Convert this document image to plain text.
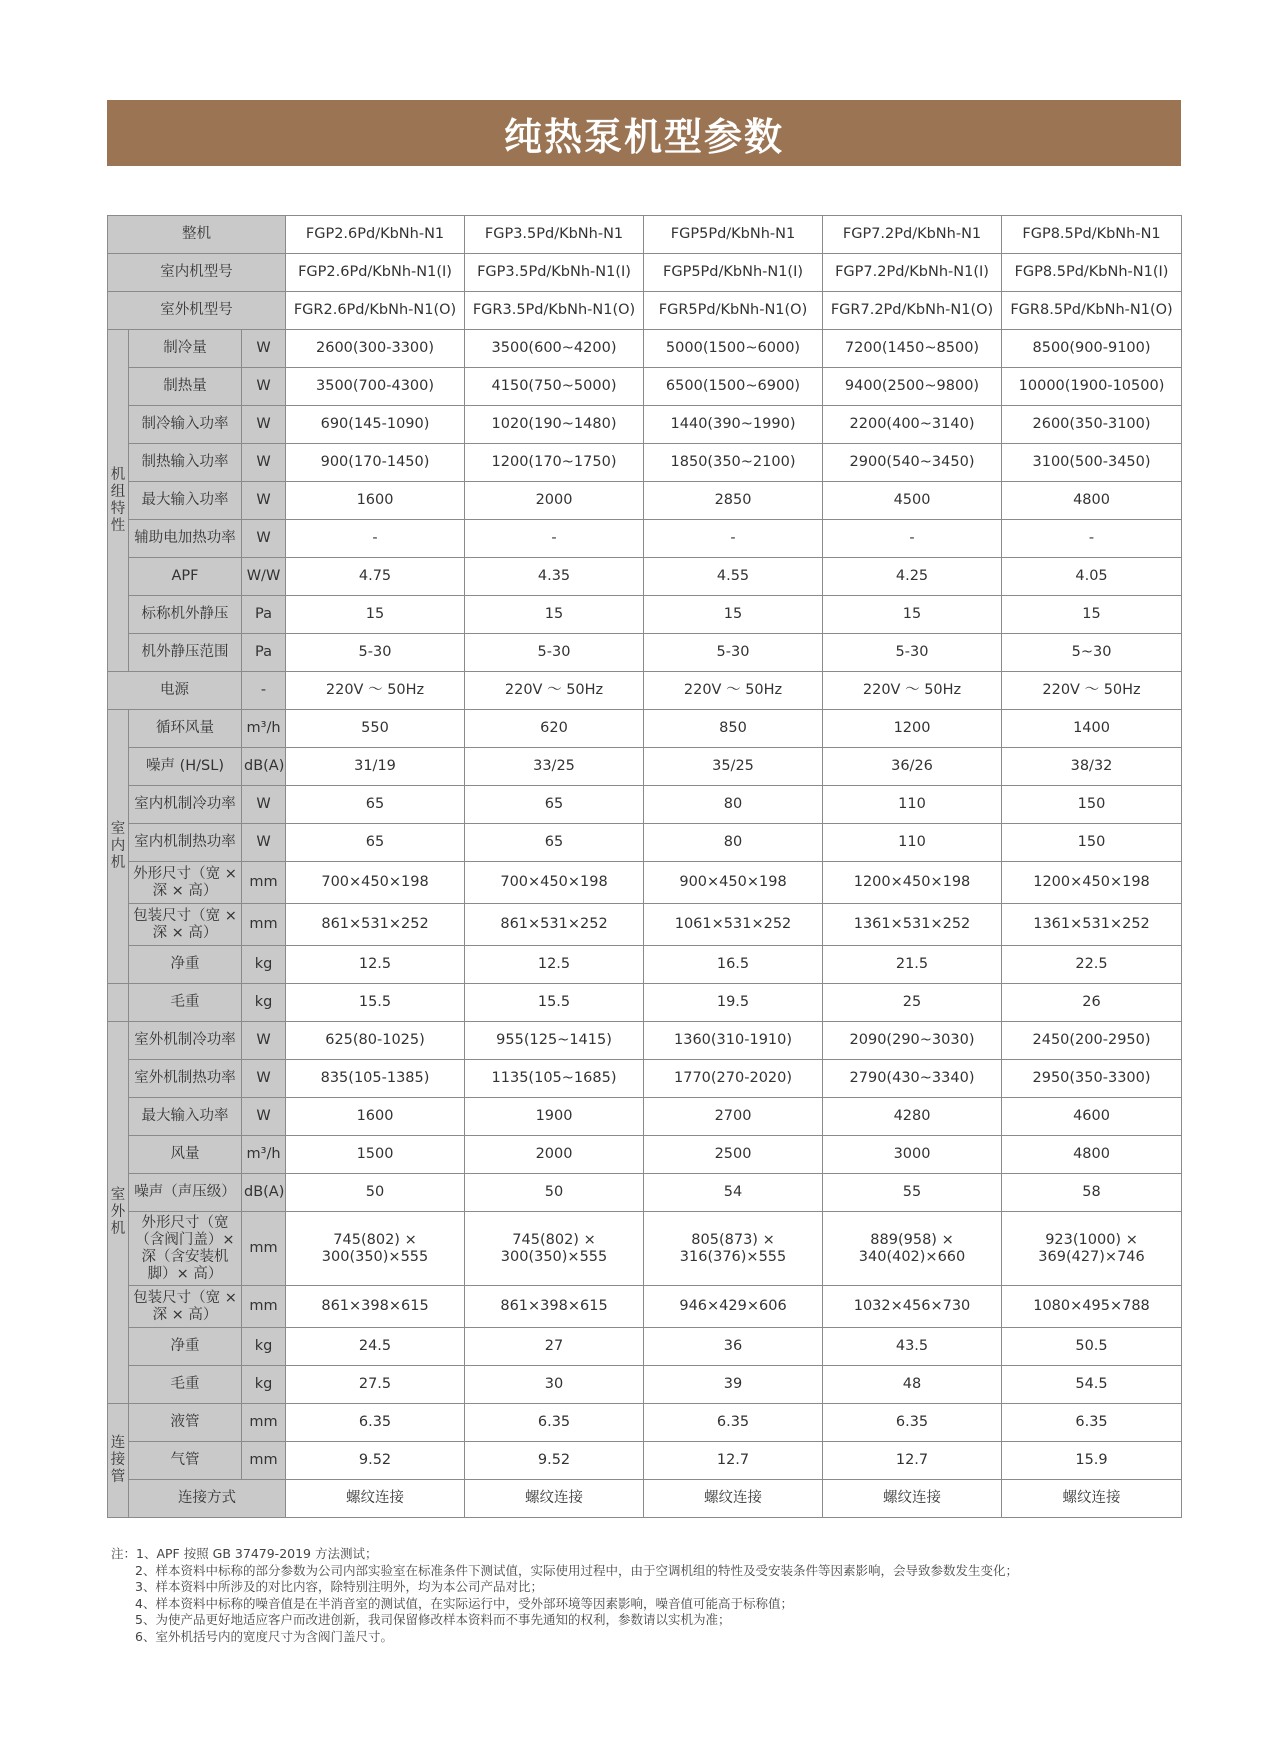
纯热泵机型参数
整机			FGP2.6Pd/KbNh-N1	FGP3.5Pd/KbNh-N1	FGP5Pd/KbNh-N1	FGP7.2Pd/KbNh-N1	FGP8.5Pd/KbNh-N1
室内机型号			FGP2.6Pd/KbNh-N1(I)	FGP3.5Pd/KbNh-N1(I)	FGP5Pd/KbNh-N1(I)	FGP7.2Pd/KbNh-N1(I)	FGP8.5Pd/KbNh-N1(I)
室外机型号			FGR2.6Pd/KbNh-N1(O)	FGR3.5Pd/KbNh-N1(O)	FGR5Pd/KbNh-N1(O)	FGR7.2Pd/KbNh-N1(O)	FGR8.5Pd/KbNh-N1(O)

机组特性	制冷量	W	2600(300-3300)	3500(600~4200)	5000(1500~6000)	7200(1450~8500)	8500(900-9100)
	制热量	W	3500(700-4300)	4150(750~5000)	6500(1500~6900)	9400(2500~9800)	10000(1900-10500)
	制冷输入功率	W	690(145-1090)	1020(190~1480)	1440(390~1990)	2200(400~3140)	2600(350-3100)
	制热输入功率	W	900(170-1450)	1200(170~1750)	1850(350~2100)	2900(540~3450)	3100(500-3450)
	最大输入功率	W	1600	2000	2850	4500	4800
	辅助电加热功率	W	-	-	-	-	-
	APF	W/W	4.75	4.35	4.55	4.25	4.05
	标称机外静压	Pa	15	15	15	15	15
	机外静压范围	Pa	5-30	5-30	5-30	5-30	5~30
电源		-	220V ～ 50Hz	220V ～ 50Hz	220V ～ 50Hz	220V ～ 50Hz	220V ～ 50Hz

室内机	循环风量	m³/h	550	620	850	1200	1400
	噪声 (H/SL)	dB(A)	31/19	33/25	35/25	36/26	38/32
	室内机制冷功率	W	65	65	80	110	150
	室内机制热功率	W	65	65	80	110	150
	外形尺寸（宽 × 深 × 高）	mm	700×450×198	700×450×198	900×450×198	1200×450×198	1200×450×198
	包装尺寸（宽 × 深 × 高）	mm	861×531×252	861×531×252	1061×531×252	1361×531×252	1361×531×252
	净重	kg	12.5	12.5	16.5	21.5	22.5
	毛重	kg	15.5	15.5	19.5	25	26

室外机	室外机制冷功率	W	625(80-1025)	955(125~1415)	1360(310-1910)	2090(290~3030)	2450(200-2950)
	室外机制热功率	W	835(105-1385)	1135(105~1685)	1770(270-2020)	2790(430~3340)	2950(350-3300)
	最大输入功率	W	1600	1900	2700	4280	4600
	风量	m³/h	1500	2000	2500	3000	4800
	噪声（声压级）	dB(A)	50	50	54	55	58
	外形尺寸（宽（含阀门盖）× 深（含安装机脚）× 高）	mm	745(802) × 300(350)×555	745(802) × 300(350)×555	805(873) × 316(376)×555	889(958) × 340(402)×660	923(1000) × 369(427)×746
	包装尺寸（宽 × 深 × 高）	mm	861×398×615	861×398×615	946×429×606	1032×456×730	1080×495×788
	净重	kg	24.5	27	36	43.5	50.5
	毛重	kg	27.5	30	39	48	54.5

连接管	液管	mm	6.35	6.35	6.35	6.35	6.35
	气管	mm	9.52	9.52	12.7	12.7	15.9
	连接方式		螺纹连接	螺纹连接	螺纹连接	螺纹连接	螺纹连接
注：1、APF 按照 GB 37479-2019 方法测试；
2、样本资料中标称的部分参数为公司内部实验室在标准条件下测试值，实际使用过程中，由于空调机组的特性及受安装条件等因素影响，会导致参数发生变化；
3、样本资料中所涉及的对比内容，除特别注明外，均为本公司产品对比；
4、样本资料中标称的噪音值是在半消音室的测试值，在实际运行中，受外部环境等因素影响，噪音值可能高于标称值；
5、为使产品更好地适应客户而改进创新，我司保留修改样本资料而不事先通知的权利，参数请以实机为准；
6、室外机括号内的宽度尺寸为含阀门盖尺寸。
